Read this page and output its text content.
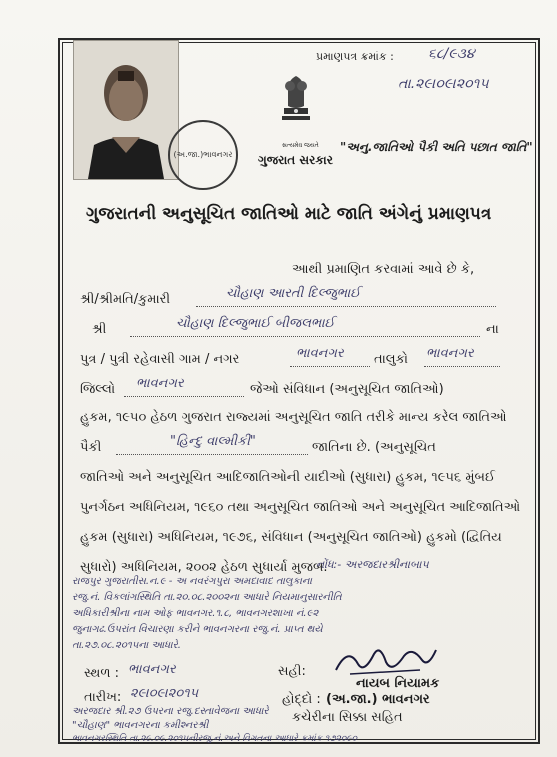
(અ.જા.)ભાવનગર
પ્રમાણપત્ર ક્રમાંક : ૬૮/૯૩૪
તા.૨૯।૦૯।૨૦૧૫
સત્યમેવ જયતે
ગુજરાત સરકાર
"અનુ.જાતિઓ પૈકી અતિ પછાત જાતિ"
ગુજરાતની અનુસૂચિત જાતિઓ માટે જાતિ અંગેનું પ્રમાણપત્ર
આથી પ્રમાણિત કરવામાં આવે છે કે,
શ્રી/શ્રીમતિ/કુમારી	ચૌહાણ આરતી દિલ્જુભાઈ
શ્રી	ચૌહાણ દિલ્જુભાઈ બીજલભાઈ	ના
પુત્ર / પુત્રી રહેવાસી ગામ / નગર	ભાવનગર તાલુકો ભાવનગર
જિલ્લો ભાવનગર	જેઓ સંવિધાન (અનુસૂચિત જાતિઓ)
હુકમ, ૧૯૫૦ હેઠળ ગુજરાત રાજ્યમાં અનુસૂચિત જાતિ તરીકે માન્ય કરેલ જાતિઓ
પૈકી	"હિન્દુ વાલ્મીકી"	જાતિના છે. (અનુસૂચિત
જાતિઓ અને અનુસૂચિત આદિજાતિઓની યાદીઓ (સુધારા) હુકમ, ૧૯૫૬ મુંબઈ
પુનર્ગઠન અધિનિયમ, ૧૯૬૦ તથા અનુસૂચિત જાતિઓ અને અનુસૂચિત આદિજાતિઓ
હુકમ (સુધારા) અધિનિયમ, ૧૯૭૬, સંવિધાન (અનુસૂચિત જાતિઓ) હુકમો (દ્વિતિય
સુધારો) અધિનિયમ, ૨૦૦૨ હેઠળ સુધાર્યા મુજબ.
નોંધ:- અરજદારશ્રીનાબાપ
રાજપુર ગુજરાતીસ.ન.૯ - અ નવરંગપુરા અમદાવાદ તાલુકાના
રજુ.નં. વિકલાંગસ્થિતિ તા.૨૦.૦૮.૨૦૦૨ના આધારે નિયમાનુસારનીતિ
અધિકારીશ્રીના નામ ઓફ ભાવનગર.૧.૮, ભાવનગરશાખા નં.૯૨
જુનાગઢ.ઉપરાંત વિચારણા કરીને ભાવનગરના રજુ.નં. પ્રાપ્ત થયે
તા.૨૭.૦૮.૨૦૧૫ના આધારે.
સ્થળ : ભાવનગર	સહી:
નાયબ નિયામક
તારીખ: ૨૯।૦૯।૨૦૧૫	હોદ્દો : (અ.જા.) ભાવનગર
કચેરીના સિક્કા સહિત
અરજદાર શ્રી.૨૭ ઉપરના રજુ.દસ્તાવેજના આધારે
"ચૌહાણ" ભાવનગરના કમીશ્નરશ્રી
ભાવનગરસ્થિતિ તા.૨૯.૦૯.૨૦૧૫નીરજુ.નં.અને વિગતના આધારે ક્રમાંક ૧૭૨૦૯૦
